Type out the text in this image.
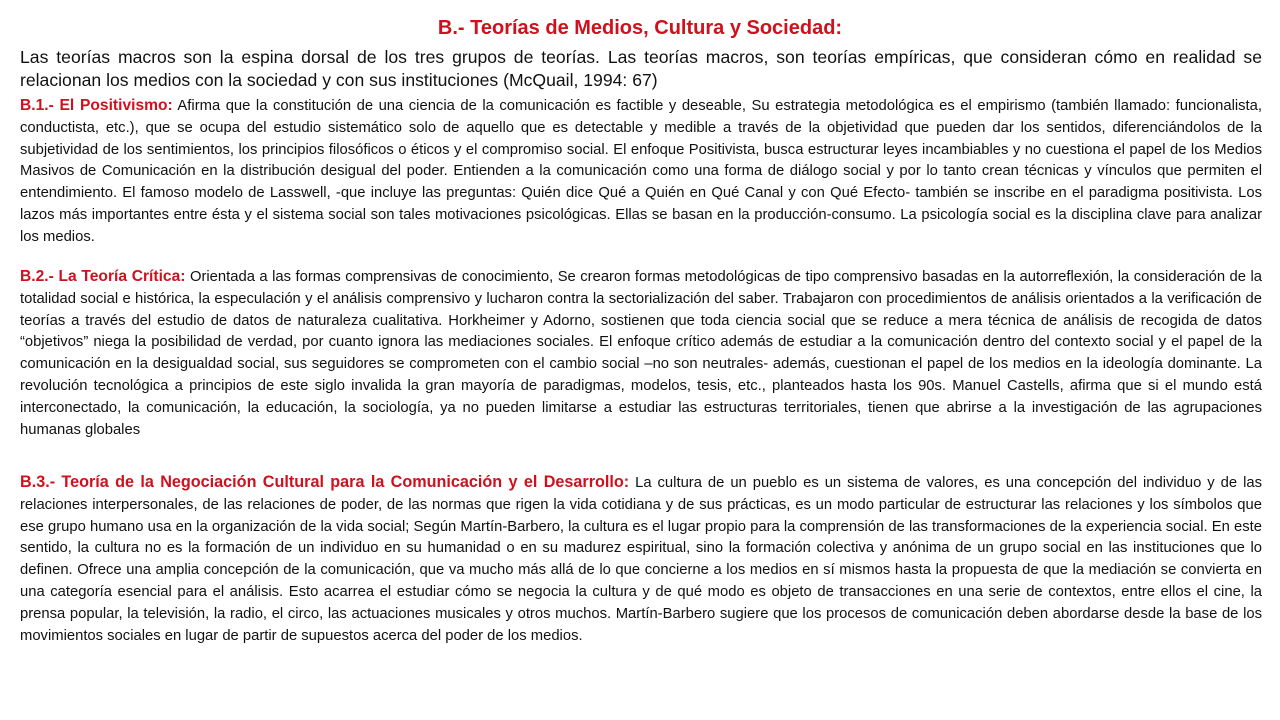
B.- Teorías de Medios, Cultura y Sociedad:
Las teorías macros son la espina dorsal de los tres grupos de teorías. Las teorías macros, son teorías empíricas, que consideran cómo en realidad se relacionan los medios con la sociedad y con sus instituciones (McQuail, 1994: 67)
B.1.- El Positivismo: Afirma que la constitución de una ciencia de la comunicación es factible y deseable, Su estrategia metodológica es el empirismo (también llamado: funcionalista, conductista, etc.), que se ocupa del estudio sistemático solo de aquello que es detectable y medible a través de la objetividad que pueden dar los sentidos, diferenciándolos de la subjetividad de los sentimientos, los principios filosóficos o éticos y el compromiso social. El enfoque Positivista, busca estructurar leyes incambiables y no cuestiona el papel de los Medios Masivos de Comunicación en la distribución desigual del poder. Entienden a la comunicación como una forma de diálogo social y por lo tanto crean técnicas y vínculos que permiten el entendimiento. El famoso modelo de Lasswell, -que incluye las preguntas: Quién dice Qué a Quién en Qué Canal y con Qué Efecto- también se inscribe en el paradigma positivista. Los lazos más importantes entre ésta y el sistema social son tales motivaciones psicológicas. Ellas se basan en la producción-consumo. La psicología social es la disciplina clave para analizar los medios.
B.2.- La Teoría Crítica: Orientada a las formas comprensivas de conocimiento, Se crearon formas metodológicas de tipo comprensivo basadas en la autorreflexión, la consideración de la totalidad social e histórica, la especulación y el análisis comprensivo y lucharon contra la sectorialización del saber. Trabajaron con procedimientos de análisis orientados a la verificación de teorías a través del estudio de datos de naturaleza cualitativa. Horkheimer y Adorno, sostienen que toda ciencia social que se reduce a mera técnica de análisis de recogida de datos “objetivos” niega la posibilidad de verdad, por cuanto ignora las mediaciones sociales. El enfoque crítico además de estudiar a la comunicación dentro del contexto social y el papel de la comunicación en la desigualdad social, sus seguidores se comprometen con el cambio social –no son neutrales- además, cuestionan el papel de los medios en la ideología dominante. La revolución tecnológica a principios de este siglo invalida la gran mayoría de paradigmas, modelos, tesis, etc., planteados hasta los 90s. Manuel Castells, afirma que si el mundo está interconectado, la comunicación, la educación, la sociología, ya no pueden limitarse a estudiar las estructuras territoriales, tienen que abrirse a la investigación de las agrupaciones humanas globales
B.3.- Teoría de la Negociación Cultural para la Comunicación y el Desarrollo: La cultura de un pueblo es un sistema de valores, es una concepción del individuo y de las relaciones interpersonales, de las relaciones de poder, de las normas que rigen la vida cotidiana y de sus prácticas, es un modo particular de estructurar las relaciones y los símbolos que ese grupo humano usa en la organización de la vida social; Según Martín-Barbero, la cultura es el lugar propio para la comprensión de las transformaciones de la experiencia social. En este sentido, la cultura no es la formación de un individuo en su humanidad o en su madurez espiritual, sino la formación colectiva y anónima de un grupo social en las instituciones que lo definen. Ofrece una amplia concepción de la comunicación, que va mucho más allá de lo que concierne a los medios en sí mismos hasta la propuesta de que la mediación se convierta en una categoría esencial para el análisis. Esto acarrea el estudiar cómo se negocia la cultura y de qué modo es objeto de transacciones en una serie de contextos, entre ellos el cine, la prensa popular, la televisión, la radio, el circo, las actuaciones musicales y otros muchos. Martín-Barbero sugiere que los procesos de comunicación deben abordarse desde la base de los movimientos sociales en lugar de partir de supuestos acerca del poder de los medios.
